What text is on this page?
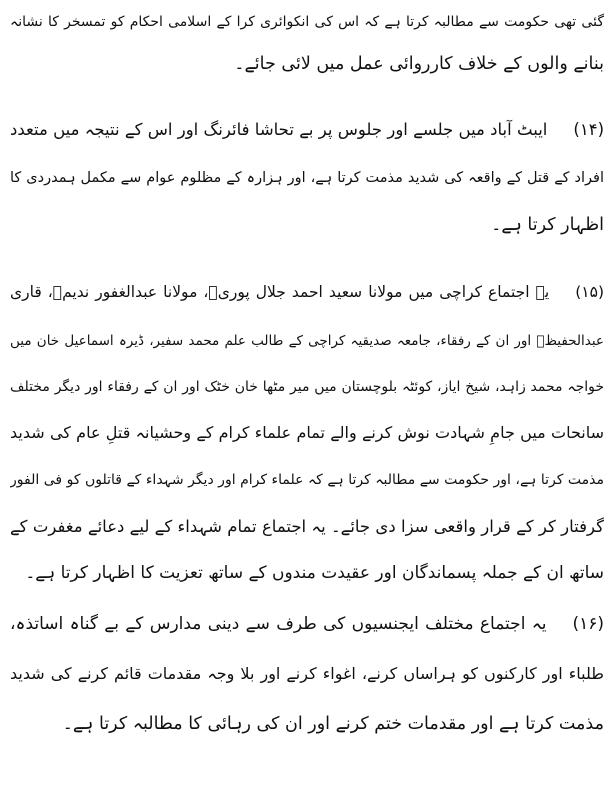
گئی تھی حکومت سے مطالبہ کرتا ہے کہ اس کی انکوائری کرا کے اسلامی احکام کو تمسخر کا نشانہ
بنانے والوں کے خلاف کارروائی عمل میں لائی جائے۔
(۱۴)ایبٹ آباد میں جلسے اور جلوس پر بے تحاشا فائرنگ اور اس کے نتیجہ میں متعدد
افراد کے قتل کے واقعہ کی شدید مذمت کرتا ہے، اور ہزارہ کے مظلوم عوام سے مکمل ہمدردی کا
اظہار کرتا ہے۔
(۱۵)یہ اجتماع کراچی میں مولانا سعید احمد جلال پوریؒ، مولانا عبدالغفور ندیمؒ، قاری
عبدالحفیظؒ اور ان کے رفقاء، جامعہ صدیقیہ کراچی کے طالب علم محمد سفیر، ڈیرہ اسماعیل خان میں
خواجہ محمد زاہد، شیخ ایاز، کوئٹہ بلوچستان میں میر مٹھا خان خٹک اور ان کے رفقاء اور دیگر مختلف
سانحات میں جامِ شہادت نوش کرنے والے تمام علماء کرام کے وحشیانہ قتلِ عام کی شدید
مذمت کرتا ہے، اور حکومت سے مطالبہ کرتا ہے کہ علماء کرام اور دیگر شہداء کے قاتلوں کو فی الفور
گرفتار کر کے قرار واقعی سزا دی جائے۔ یہ اجتماع تمام شہداء کے لیے دعائے مغفرت کے
ساتھ ان کے جملہ پسماندگان اور عقیدت مندوں کے ساتھ تعزیت کا اظہار کرتا ہے۔
(۱۶)یہ اجتماع مختلف ایجنسیوں کی طرف سے دینی مدارس کے بے گناہ اساتذہ،
طلباء اور کارکنوں کو ہراساں کرنے، اغواء کرنے اور بلا وجہ مقدمات قائم کرنے کی شدید
مذمت کرتا ہے اور مقدمات ختم کرنے اور ان کی رہائی کا مطالبہ کرتا ہے۔
